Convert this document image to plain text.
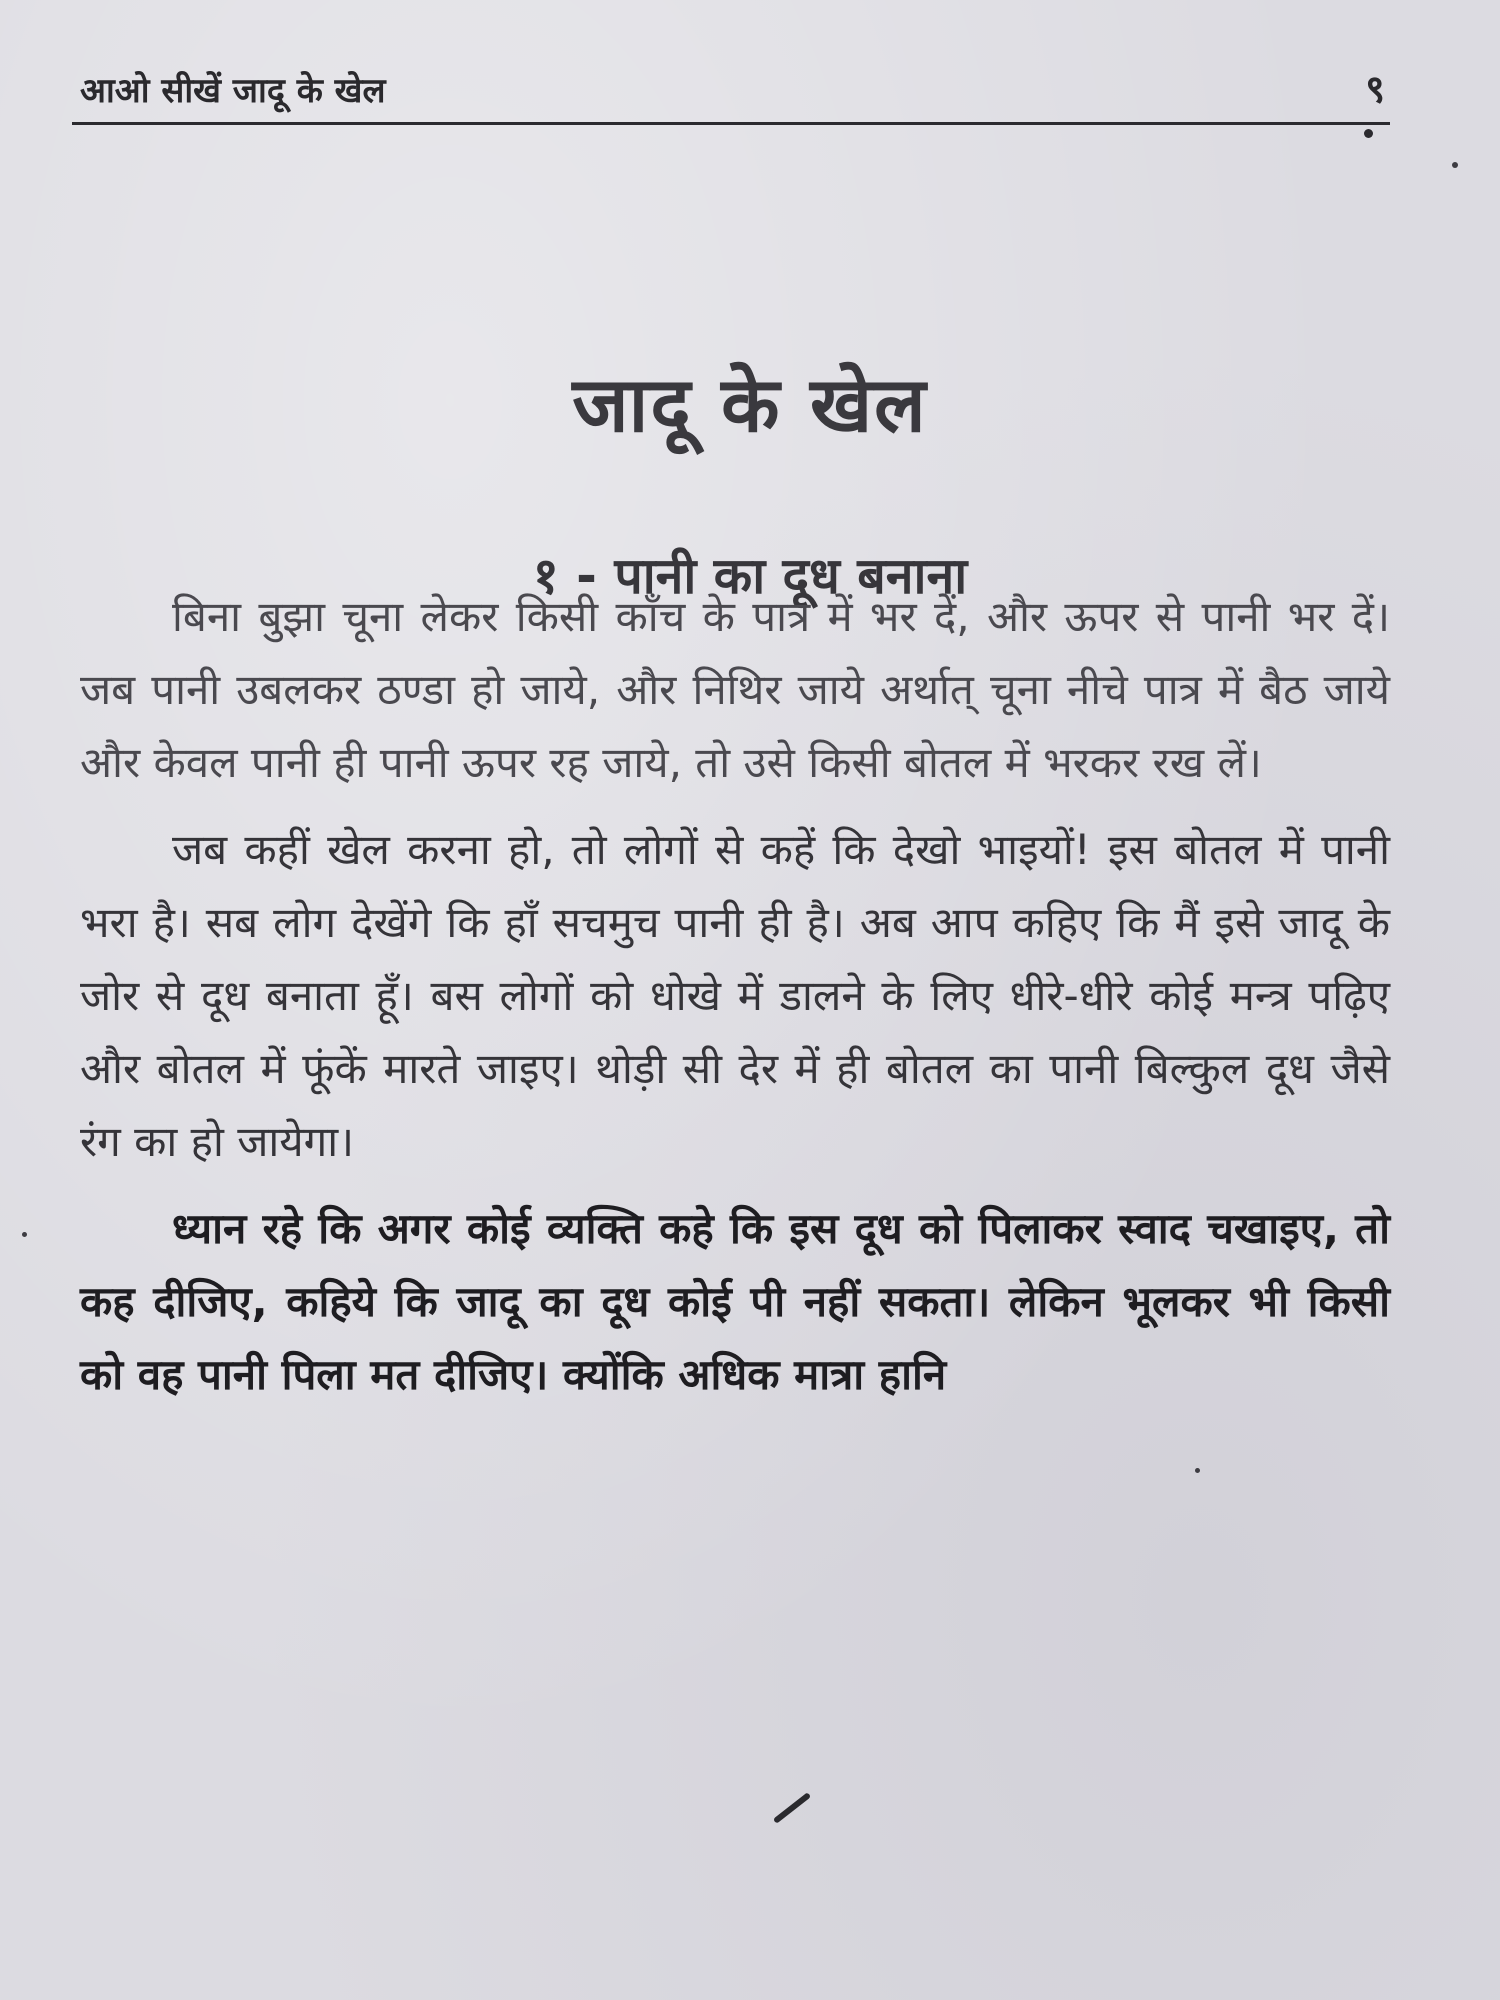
आओ सीखें जादू के खेल	९
जादू के खेल
१ - पानी का दूध बनाना

बिना बुझा चूना लेकर किसी काँच के पात्र में भर दें, और ऊपर से पानी भर दें। जब पानी उबलकर ठण्डा हो जाये, और निथिर जाये अर्थात् चूना नीचे पात्र में बैठ जाये और केवल पानी ही पानी ऊपर रह जाये, तो उसे किसी बोतल में भरकर रख लें।

जब कहीं खेल करना हो, तो लोगों से कहें कि देखो भाइयों! इस बोतल में पानी भरा है। सब लोग देखेंगे कि हाँ सचमुच पानी ही है। अब आप कहिए कि मैं इसे जादू के जोर से दूध बनाता हूँ। बस लोगों को धोखे में डालने के लिए धीरे-धीरे कोई मन्त्र पढ़िए और बोतल में फूंकें मारते जाइए। थोड़ी सी देर में ही बोतल का पानी बिल्कुल दूध जैसे रंग का हो जायेगा।

ध्यान रहे कि अगर कोई व्यक्ति कहे कि इस दूध को पिलाकर स्वाद चखाइए, तो कह दीजिए, कहिये कि जादू का दूध कोई पी नहीं सकता। लेकिन भूलकर भी किसी को वह पानी पिला मत दीजिए। क्योंकि अधिक मात्रा हानि
